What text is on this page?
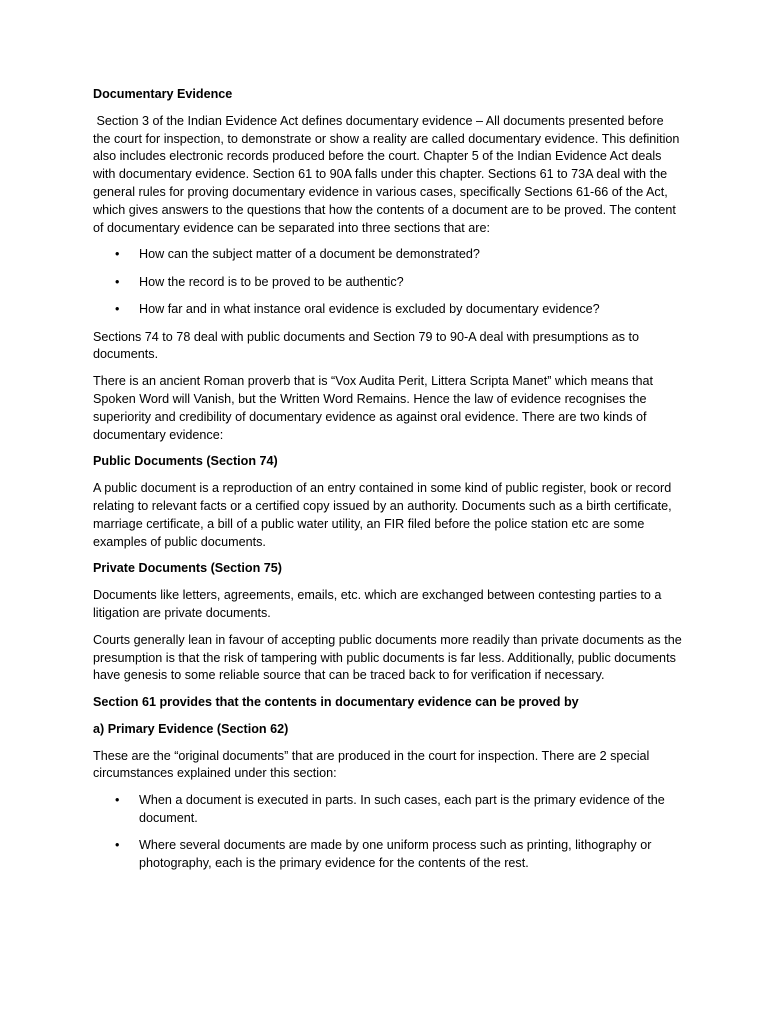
Documentary Evidence

Section 3 of the Indian Evidence Act defines documentary evidence – All documents presented before the court for inspection, to demonstrate or show a reality are called documentary evidence. This definition also includes electronic records produced before the court. Chapter 5 of the Indian Evidence Act deals with documentary evidence. Section 61 to 90A falls under this chapter. Sections 61 to 73A deal with the general rules for proving documentary evidence in various cases, specifically Sections 61-66 of the Act, which gives answers to the questions that how the contents of a document are to be proved. The content of documentary evidence can be separated into three sections that are:

• How can the subject matter of a document be demonstrated?
• How the record is to be proved to be authentic?
• How far and in what instance oral evidence is excluded by documentary evidence?

Sections 74 to 78 deal with public documents and Section 79 to 90-A deal with presumptions as to documents.

There is an ancient Roman proverb that is “Vox Audita Perit, Littera Scripta Manet” which means that Spoken Word will Vanish, but the Written Word Remains. Hence the law of evidence recognises the superiority and credibility of documentary evidence as against oral evidence. There are two kinds of documentary evidence:

Public Documents (Section 74)

A public document is a reproduction of an entry contained in some kind of public register, book or record relating to relevant facts or a certified copy issued by an authority. Documents such as a birth certificate, marriage certificate, a bill of a public water utility, an FIR filed before the police station etc are some examples of public documents.

Private Documents (Section 75)

Documents like letters, agreements, emails, etc. which are exchanged between contesting parties to a litigation are private documents.

Courts generally lean in favour of accepting public documents more readily than private documents as the presumption is that the risk of tampering with public documents is far less. Additionally, public documents have genesis to some reliable source that can be traced back to for verification if necessary.

Section 61 provides that the contents in documentary evidence can be proved by

a) Primary Evidence (Section 62)

These are the “original documents” that are produced in the court for inspection. There are 2 special circumstances explained under this section:

• When a document is executed in parts. In such cases, each part is the primary evidence of the document.
• Where several documents are made by one uniform process such as printing, lithography or photography, each is the primary evidence for the contents of the rest.
